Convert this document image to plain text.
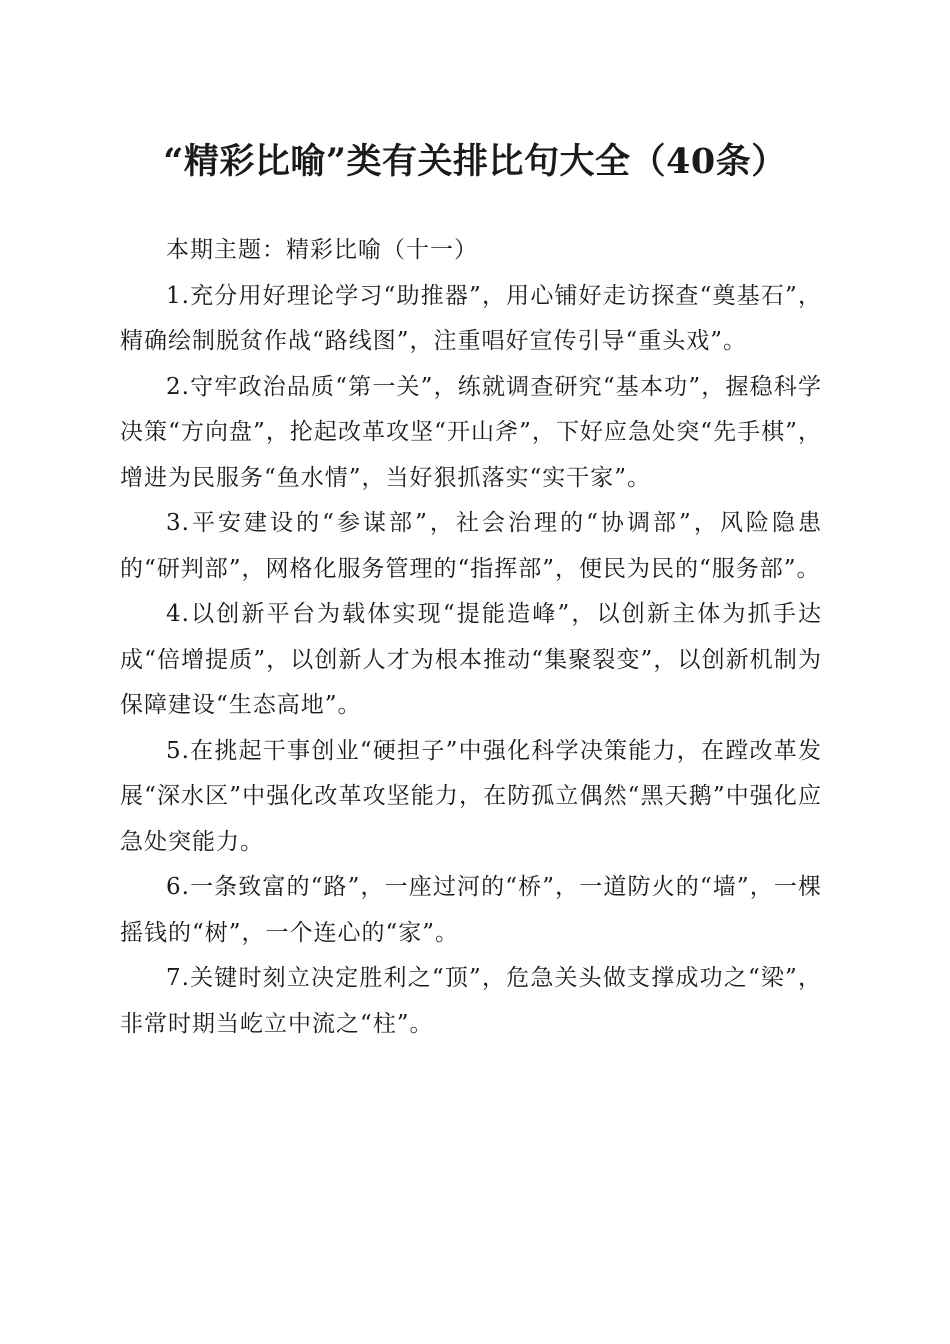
“精彩比喻”类有关排比句大全（40条）

本期主题：精彩比喻（十一）

1.充分用好理论学习“助推器”，用心铺好走访探查“奠基石”，精确绘制脱贫作战“路线图”，注重唱好宣传引导“重头戏”。

2.守牢政治品质“第一关”，练就调查研究“基本功”，握稳科学决策“方向盘”，抡起改革攻坚“开山斧”，下好应急处突“先手棋”，增进为民服务“鱼水情”，当好狠抓落实“实干家”。

3.平安建设的“参谋部”，社会治理的“协调部”，风险隐患的“研判部”，网格化服务管理的“指挥部”，便民为民的“服务部”。

4.以创新平台为载体实现“提能造峰”，以创新主体为抓手达成“倍增提质”，以创新人才为根本推动“集聚裂变”，以创新机制为保障建设“生态高地”。

5.在挑起干事创业“硬担子”中强化科学决策能力，在蹚改革发展“深水区”中强化改革攻坚能力，在防孤立偶然“黑天鹅”中强化应急处突能力。

6.一条致富的“路”，一座过河的“桥”，一道防火的“墙”，一棵摇钱的“树”，一个连心的“家”。

7.关键时刻立决定胜利之“顶”，危急关头做支撑成功之“梁”，非常时期当屹立中流之“柱”。
